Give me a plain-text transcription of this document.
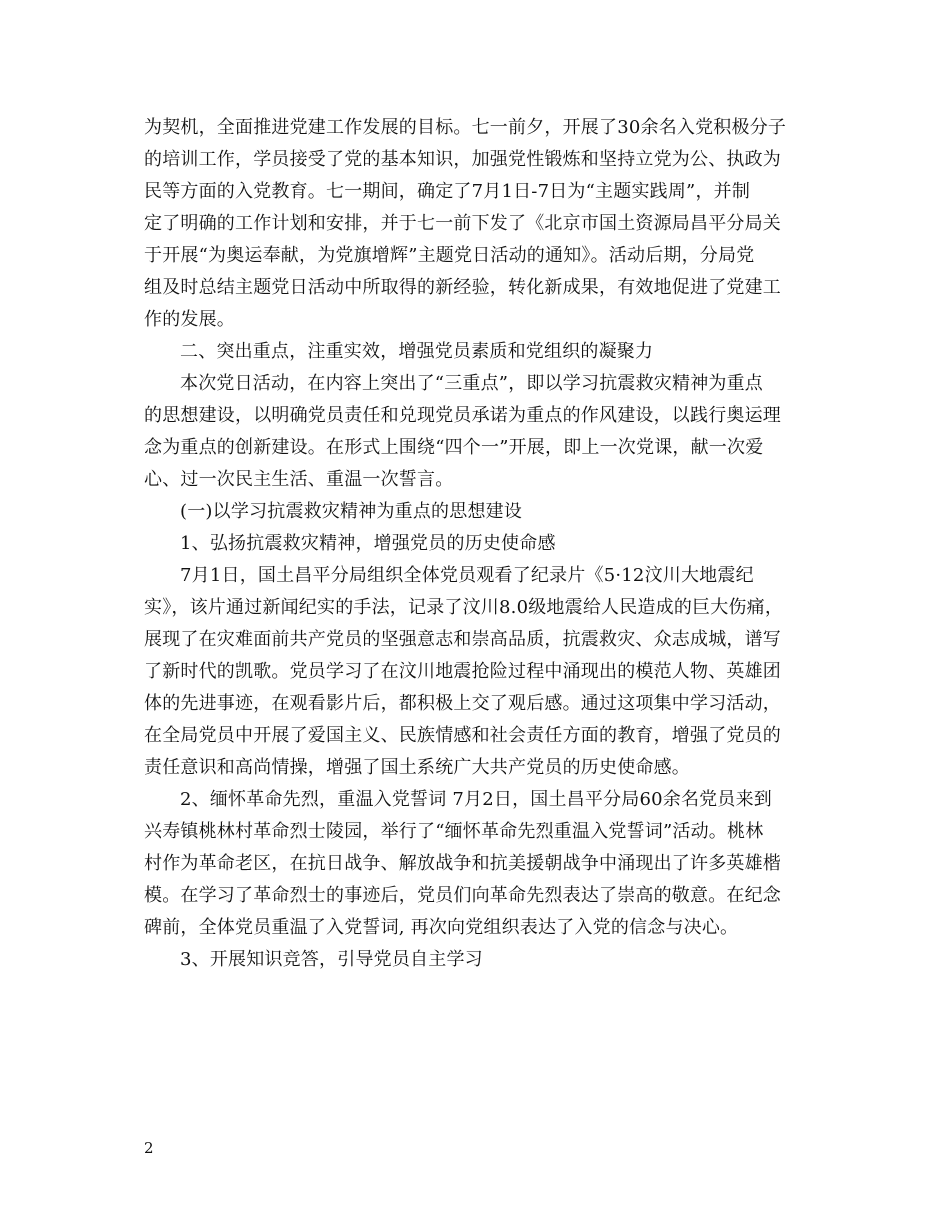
为契机，全面推进党建工作发展的目标。七一前夕，开展了30余名入党积极分子
的培训工作，学员接受了党的基本知识，加强党性锻炼和坚持立党为公、执政为
民等方面的入党教育。七一期间，确定了7月1日-7日为“主题实践周”，并制
定了明确的工作计划和安排，并于七一前下发了《北京市国土资源局昌平分局关
于开展“为奥运奉献，为党旗增辉”主题党日活动的通知》。活动后期，分局党
组及时总结主题党日活动中所取得的新经验，转化新成果，有效地促进了党建工
作的发展。
二、突出重点，注重实效，增强党员素质和党组织的凝聚力
本次党日活动，在内容上突出了“三重点”，即以学习抗震救灾精神为重点
的思想建设，以明确党员责任和兑现党员承诺为重点的作风建设，以践行奥运理
念为重点的创新建设。在形式上围绕“四个一”开展，即上一次党课，献一次爱
心、过一次民主生活、重温一次誓言。
(一)以学习抗震救灾精神为重点的思想建设
1、弘扬抗震救灾精神，增强党员的历史使命感
7月1日，国土昌平分局组织全体党员观看了纪录片《5·12汶川大地震纪
实》，该片通过新闻纪实的手法，记录了汶川8.0级地震给人民造成的巨大伤痛，
展现了在灾难面前共产党员的坚强意志和崇高品质，抗震救灾、众志成城，谱写
了新时代的凯歌。党员学习了在汶川地震抢险过程中涌现出的模范人物、英雄团
体的先进事迹，在观看影片后，都积极上交了观后感。通过这项集中学习活动，
在全局党员中开展了爱国主义、民族情感和社会责任方面的教育，增强了党员的
责任意识和高尚情操，增强了国土系统广大共产党员的历史使命感。
2、缅怀革命先烈，重温入党誓词 7月2日，国土昌平分局60余名党员来到
兴寿镇桃林村革命烈士陵园，举行了“缅怀革命先烈重温入党誓词”活动。桃林
村作为革命老区，在抗日战争、解放战争和抗美援朝战争中涌现出了许多英雄楷
模。在学习了革命烈士的事迹后，党员们向革命先烈表达了崇高的敬意。在纪念
碑前，全体党员重温了入党誓词, 再次向党组织表达了入党的信念与决心。
3、开展知识竞答，引导党员自主学习
2
